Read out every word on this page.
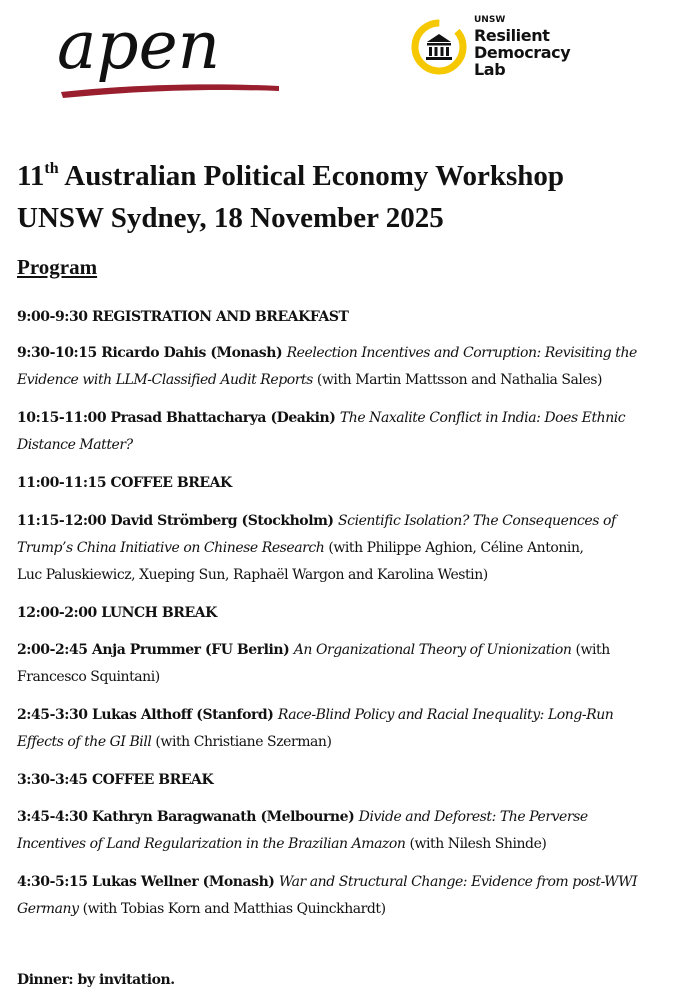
apen	UNSW
Resilient
Democracy
Lab
11th Australian Political Economy Workshop
UNSW Sydney, 18 November 2025
Program

9:00-9:30 REGISTRATION AND BREAKFAST

9:30-10:15 Ricardo Dahis (Monash) Reelection Incentives and Corruption: Revisiting the
Evidence with LLM-Classified Audit Reports (with Martin Mattsson and Nathalia Sales)

10:15-11:00 Prasad Bhattacharya (Deakin) The Naxalite Conflict in India: Does Ethnic
Distance Matter?

11:00-11:15 COFFEE BREAK

11:15-12:00 David Strömberg (Stockholm) Scientific Isolation? The Consequences of
Trump’s China Initiative on Chinese Research (with Philippe Aghion, Céline Antonin,
Luc Paluskiewicz, Xueping Sun, Raphaël Wargon and Karolina Westin)

12:00-2:00 LUNCH BREAK

2:00-2:45 Anja Prummer (FU Berlin) An Organizational Theory of Unionization (with
Francesco Squintani)

2:45-3:30 Lukas Althoff (Stanford) Race-Blind Policy and Racial Inequality: Long-Run
Effects of the GI Bill (with Christiane Szerman)

3:30-3:45 COFFEE BREAK

3:45-4:30 Kathryn Baragwanath (Melbourne) Divide and Deforest: The Perverse
Incentives of Land Regularization in the Brazilian Amazon (with Nilesh Shinde)

4:30-5:15 Lukas Wellner (Monash) War and Structural Change: Evidence from post-WWI
Germany (with Tobias Korn and Matthias Quinckhardt)

Dinner: by invitation.
